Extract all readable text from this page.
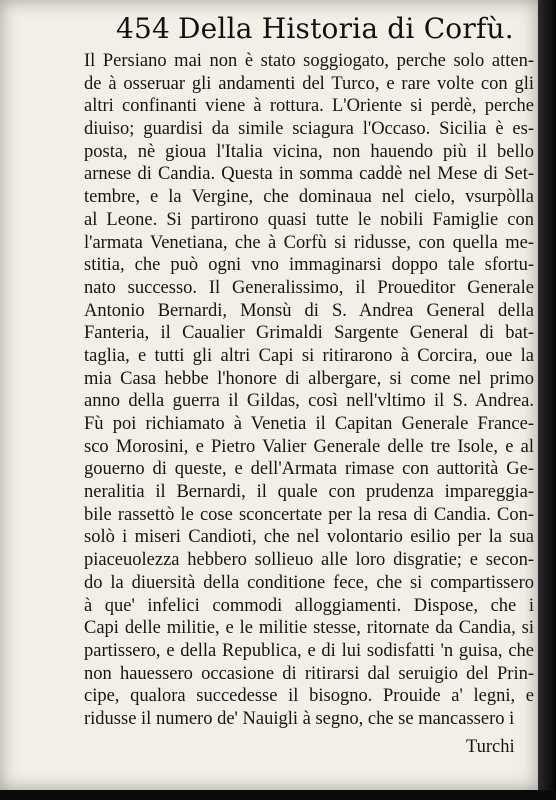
454 Della Historia di Corfù.
Il Persiano mai non è stato soggiogato, perche solo atten-
de à osseruar gli andamenti del Turco, e rare volte con gli
altri confinanti viene à rottura. L'Oriente si perdè, perche
diuiso; guardisi da simile sciagura l'Occaso. Sicilia è es-
posta, nè gioua l'Italia vicina, non hauendo più il bello
arnese di Candia. Questa in somma caddè nel Mese di Set-
tembre, e la Vergine, che dominaua nel cielo, vsurpòlla
al Leone. Si partirono quasi tutte le nobili Famiglie con
l'armata Venetiana, che à Corfù si ridusse, con quella me-
stitia, che può ogni vno immaginarsi doppo tale sfortu-
nato successo. Il Generalissimo, il Proueditor Generale
Antonio Bernardi, Monsù di S. Andrea General della
Fanteria, il Caualier Grimaldi Sargente General di bat-
taglia, e tutti gli altri Capi si ritirarono à Corcira, oue la
mia Casa hebbe l'honore di albergare, si come nel primo
anno della guerra il Gildas, così nell'vltimo il S. Andrea.
Fù poi richiamato à Venetia il Capitan Generale France-
sco Morosini, e Pietro Valier Generale delle tre Isole, e al
gouerno di queste, e dell'Armata rimase con auttorità Ge-
neralitia il Bernardi, il quale con prudenza impareggia-
bile rassettò le cose sconcertate per la resa di Candia. Con-
solò i miseri Candioti, che nel volontario esilio per la sua
piaceuolezza hebbero sollieuo alle loro disgratie; e secon-
do la diuersità della conditione fece, che si compartissero
à que' infelici commodi alloggiamenti. Dispose, che i
Capi delle militie, e le militie stesse, ritornate da Candia, si
partissero, e della Republica, e di lui sodisfatti 'n guisa, che
non hauessero occasione di ritirarsi dal seruigio del Prin-
cipe, qualora succedesse il bisogno. Prouide a' legni, e
ridusse il numero de' Nauigli à segno, che se mancassero i
Turchi
